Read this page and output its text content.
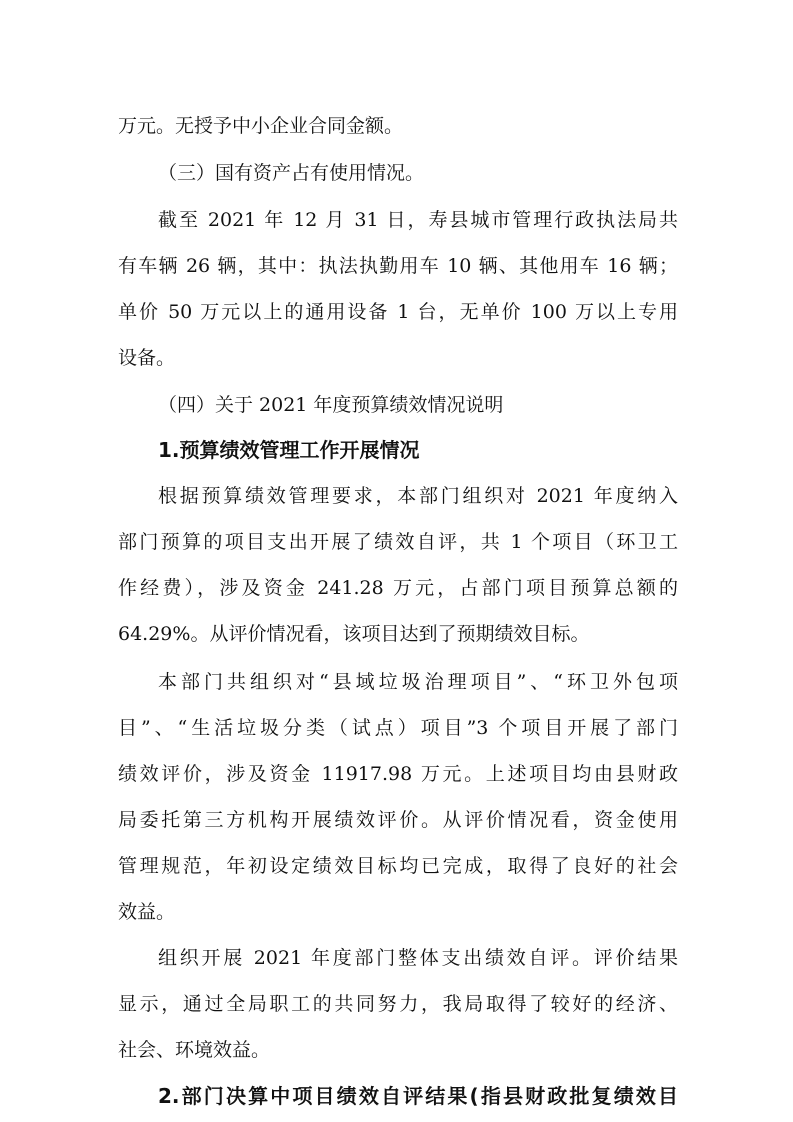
万元。无授予中小企业合同金额。
（三）国有资产占有使用情况。
截至 2021 年 12 月 31 日，寿县城市管理行政执法局共
有车辆 26 辆，其中：执法执勤用车 10 辆、其他用车 16 辆；
单价 50 万元以上的通用设备 1 台，无单价 100 万以上专用
设备。
（四）关于 2021 年度预算绩效情况说明
1.预算绩效管理工作开展情况
根据预算绩效管理要求，本部门组织对 2021 年度纳入
部门预算的项目支出开展了绩效自评，共 1 个项目（环卫工
作经费），涉及资金 241.28 万元，占部门项目预算总额的
64.29%。从评价情况看，该项目达到了预期绩效目标。
本部门共组织对“县域垃圾治理项目”、“环卫外包项
目”、“生活垃圾分类（试点）项目”3 个项目开展了部门
绩效评价，涉及资金 11917.98 万元。上述项目均由县财政
局委托第三方机构开展绩效评价。从评价情况看，资金使用
管理规范，年初设定绩效目标均已完成，取得了良好的社会
效益。
组织开展 2021 年度部门整体支出绩效自评。评价结果
显示，通过全局职工的共同努力，我局取得了较好的经济、
社会、环境效益。
2.部门决算中项目绩效自评结果(指县财政批复绩效目
